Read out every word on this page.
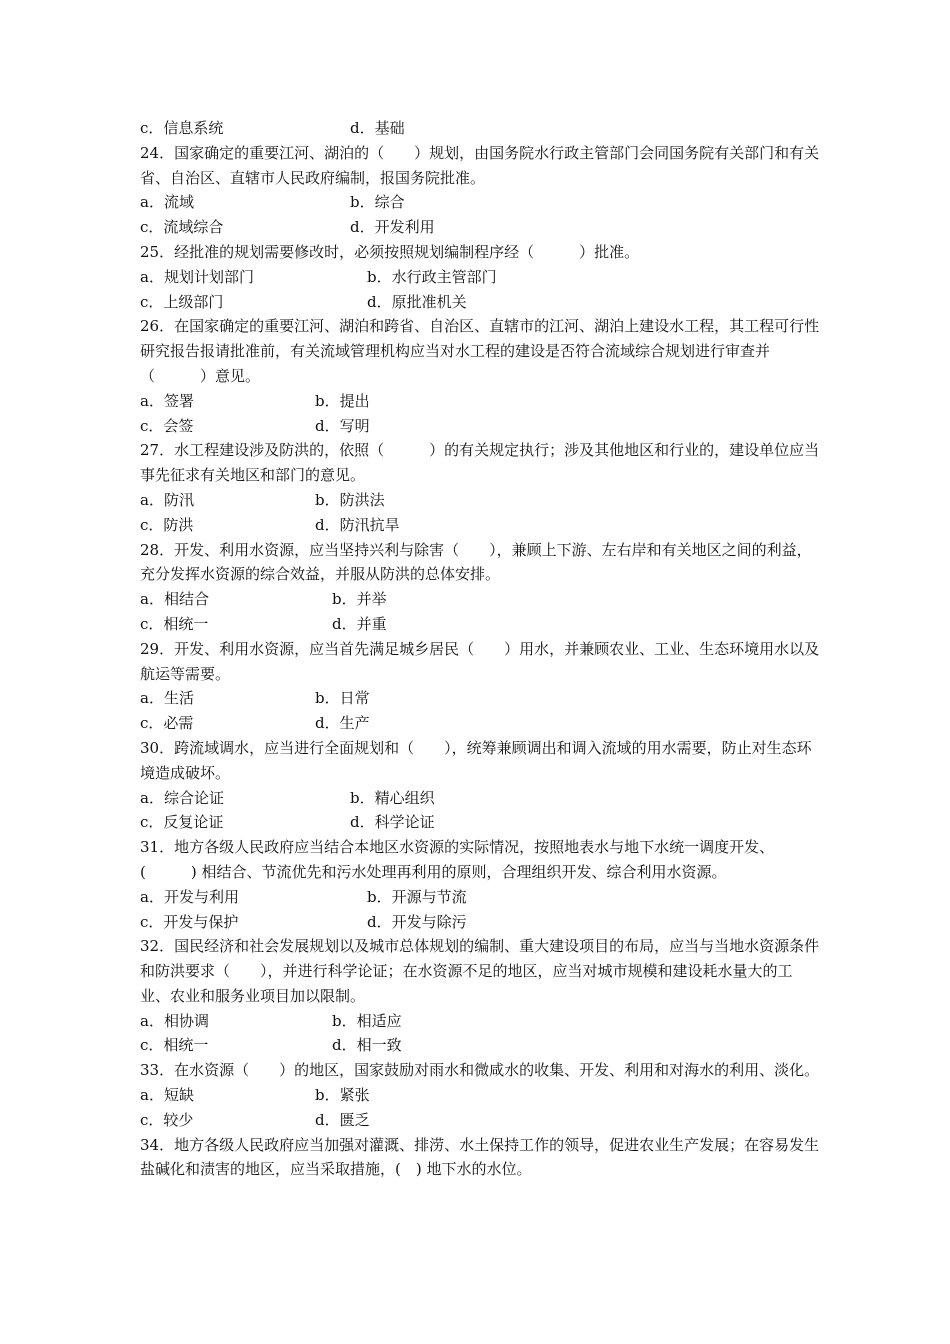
c．信息系统	d．基础

24．国家确定的重要江河、湖泊的（　　）规划，由国务院水行政主管部门会同国务院有关部门和有关省、自治区、直辖市人民政府编制，报国务院批准。

a．流域	b．综合
c．流域综合	d．开发利用

25．经批准的规划需要修改时，必须按照规划编制程序经（　　　）批准。

a．规划计划部门	b．水行政主管部门
c．上级部门	d．原批准机关

26．在国家确定的重要江河、湖泊和跨省、自治区、直辖市的江河、湖泊上建设水工程，其工程可行性研究报告报请批准前，有关流域管理机构应当对水工程的建设是否符合流域综合规划进行审查并（　　　）意见。

a．签署	b．提出
c．会签	d．写明

27．水工程建设涉及防洪的，依照（　　　）的有关规定执行；涉及其他地区和行业的，建设单位应当事先征求有关地区和部门的意见。

a．防汛	b．防洪法
c．防洪	d．防汛抗旱

28．开发、利用水资源，应当坚持兴利与除害（　　），兼顾上下游、左右岸和有关地区之间的利益，充分发挥水资源的综合效益，并服从防洪的总体安排。

a．相结合	b．并举
c．相统一	d．并重

29．开发、利用水资源，应当首先满足城乡居民（　　）用水，并兼顾农业、工业、生态环境用水以及航运等需要。

a．生活	b．日常
c．必需	d．生产

30．跨流域调水，应当进行全面规划和（　　），统筹兼顾调出和调入流域的用水需要，防止对生态环境造成破坏。

a．综合论证	b．精心组织
c．反复论证	d．科学论证

31．地方各级人民政府应当结合本地区水资源的实际情况，按照地表水与地下水统一调度开发、(　　　) 相结合、节流优先和污水处理再利用的原则，合理组织开发、综合利用水资源。

a．开发与利用	b．开源与节流
c．开发与保护	d．开发与除污

32．国民经济和社会发展规划以及城市总体规划的编制、重大建设项目的布局，应当与当地水资源条件和防洪要求（　　），并进行科学论证；在水资源不足的地区，应当对城市规模和建设耗水量大的工业、农业和服务业项目加以限制。

a．相协调	b．相适应
c．相统一	d．相一致

33．在水资源（　　）的地区，国家鼓励对雨水和微咸水的收集、开发、利用和对海水的利用、淡化。

a．短缺	b．紧张
c．较少	d．匮乏

34．地方各级人民政府应当加强对灌溉、排涝、水土保持工作的领导，促进农业生产发展；在容易发生盐碱化和渍害的地区，应当采取措施，(　) 地下水的水位。
